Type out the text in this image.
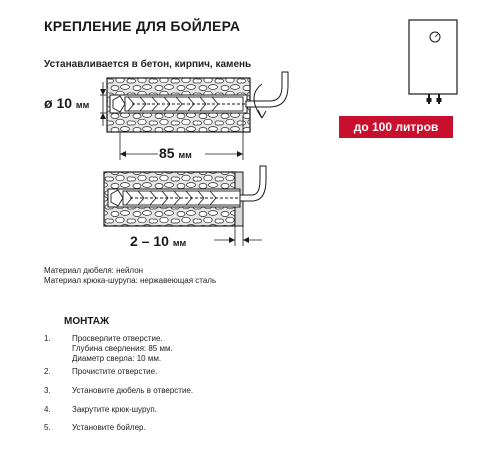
КРЕПЛЕНИЕ ДЛЯ БОЙЛЕРА
Устанавливается в бетон, кирпич, камень
до 100 литров
ø 10 мм
85 мм
2 – 10 мм
Материал дюбеля: нейлон
Материал крюка-шурупа: нержавеющая сталь
МОНТАЖ
1.	Просверлите отверстие.
Глубина сверления: 85 мм.
Диаметр сверла: 10 мм.
2.	Прочистите отверстие.
3.	Установите дюбель в отверстие.
4.	Закрутите крюк-шуруп.
5.	Установите бойлер.
